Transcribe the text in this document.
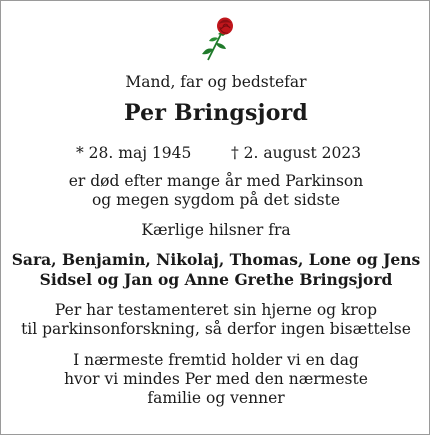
Mand, far og bedstefar
Per Bringsjord
* 28. maj 1945	† 2. august 2023
er død efter mange år med Parkinson
og megen sygdom på det sidste
Kærlige hilsner fra
Sara, Benjamin, Nikolaj, Thomas, Lone og Jens
Sidsel og Jan og Anne Grethe Bringsjord
Per har testamenteret sin hjerne og krop
til parkinsonforskning, så derfor ingen bisættelse
I nærmeste fremtid holder vi en dag
hvor vi mindes Per med den nærmeste
familie og venner
